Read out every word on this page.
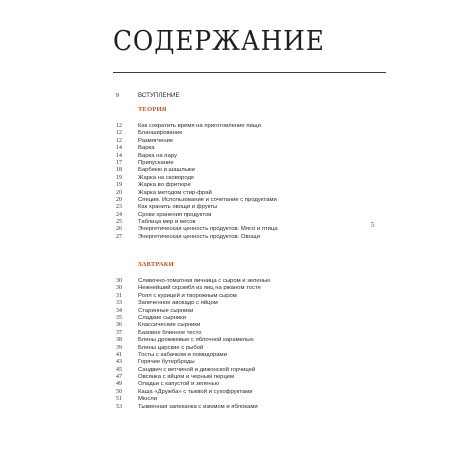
СОДЕРЖАНИЕ
5
9	ВСТУПЛЕНИЕ
ТЕОРИЯ
12	Как сократить время на приготовление пищи
12	Бланширование
12	Размягчение
14	Варка
14	Варка на пару
17	Припускание
18	Барбекю и шашлыки
19	Жарка на сковороде
19	Жарка во фритюре
20	Жарка методом стир-фрай
20	Специи. Использование и сочетание с продуктами
23	Как хранить овощи и фрукты
24	Сроки хранения продуктов
25	Таблица мер и весов
26	Энергетическая ценность продуктов. Мясо и птица
27	Энергетическая ценность продуктов. Овощи
ЗАВТРАКИ
30	Сливочно-томатная яичница с сыром и зеленью
30	Нежнейший скрэмбл из яиц на ржаном тосте
31	Ролл с курицей и творожным сыром
33	Запеченное авокадо с яйцом
34	Старинные сырники
35	Сладкие сырники
36	Классические сырники
37	Базовое блинное тесто
38	Блины дрожжевые с яблочной карамелью
39	Блины царские с рыбой
41	Тосты с кабачком и помидорами
43	Горячие бутерброды
45	Сандвич с ветчиной и дижонской горчицей
47	Овсянка с яйцом и черным перцем
49	Оладьи с капустой и зеленью
50	Каша «Дружба» с тыквой и сухофруктами
51	Мюсли
53	Тыквенная запеканка с изюмом и яблоками
